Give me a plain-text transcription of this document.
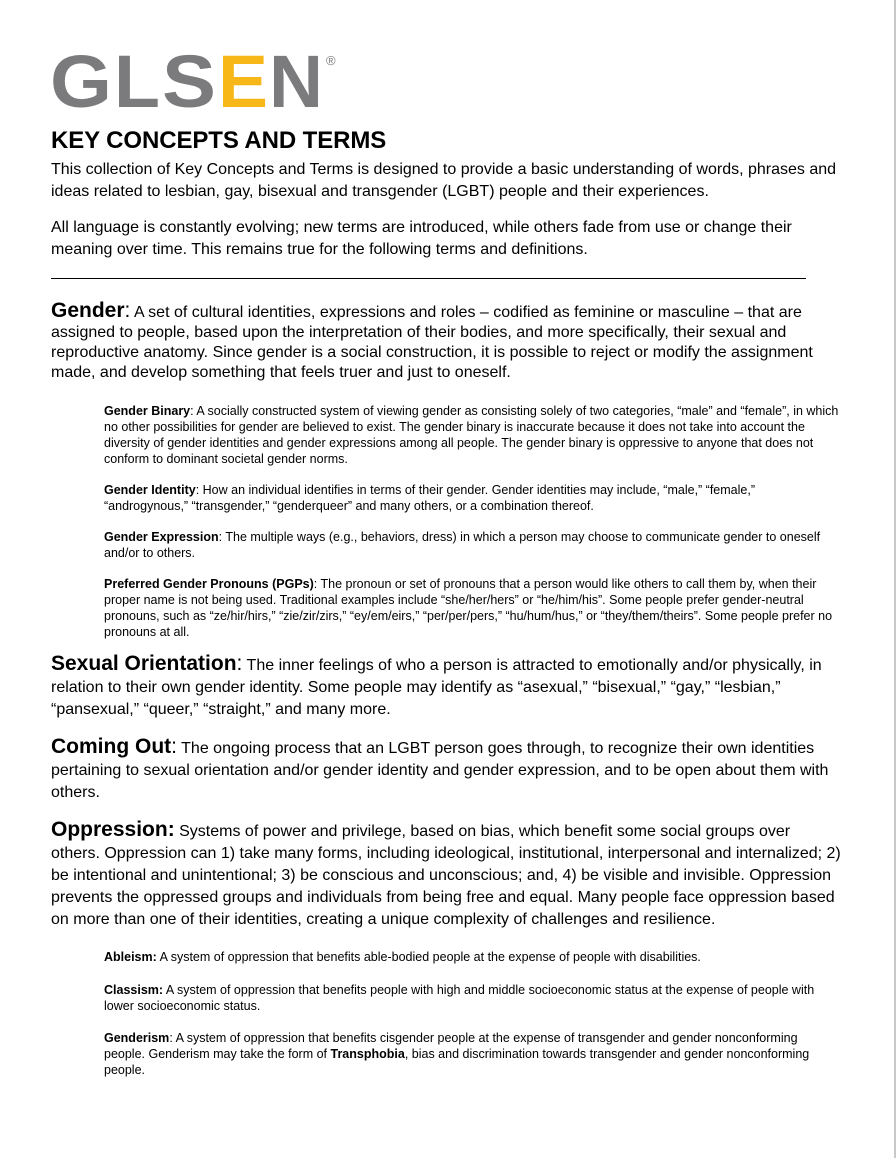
G L S E N ®
KEY CONCEPTS AND TERMS

This collection of Key Concepts and Terms is designed to provide a basic understanding of words, phrases and ideas related to lesbian, gay, bisexual and transgender (LGBT) people and their experiences.

All language is constantly evolving; new terms are introduced, while others fade from use or change their meaning over time. This remains true for the following terms and definitions.

Gender: A set of cultural identities, expressions and roles – codified as feminine or masculine – that are assigned to people, based upon the interpretation of their bodies, and more specifically, their sexual and reproductive anatomy. Since gender is a social construction, it is possible to reject or modify the assignment made, and develop something that feels truer and just to oneself.

Gender Binary: A socially constructed system of viewing gender as consisting solely of two categories, “male” and “female”, in which no other possibilities for gender are believed to exist. The gender binary is inaccurate because it does not take into account the diversity of gender identities and gender expressions among all people. The gender binary is oppressive to anyone that does not conform to dominant societal gender norms.

Gender Identity: How an individual identifies in terms of their gender. Gender identities may include, “male,” “female,” “androgynous,” “transgender,” “genderqueer” and many others, or a combination thereof.

Gender Expression: The multiple ways (e.g., behaviors, dress) in which a person may choose to communicate gender to oneself and/or to others.

Preferred Gender Pronouns (PGPs): The pronoun or set of pronouns that a person would like others to call them by, when their proper name is not being used. Traditional examples include “she/her/hers” or “he/him/his”. Some people prefer gender-neutral pronouns, such as “ze/hir/hirs,” “zie/zir/zirs,” “ey/em/eirs,” “per/per/pers,” “hu/hum/hus,” or “they/them/theirs”. Some people prefer no pronouns at all.

Sexual Orientation: The inner feelings of who a person is attracted to emotionally and/or physically, in relation to their own gender identity. Some people may identify as “asexual,” “bisexual,” “gay,” “lesbian,” “pansexual,” “queer,” “straight,” and many more.

Coming Out: The ongoing process that an LGBT person goes through, to recognize their own identities pertaining to sexual orientation and/or gender identity and gender expression, and to be open about them with others.

Oppression: Systems of power and privilege, based on bias, which benefit some social groups over others. Oppression can 1) take many forms, including ideological, institutional, interpersonal and internalized; 2) be intentional and unintentional; 3) be conscious and unconscious; and, 4) be visible and invisible. Oppression prevents the oppressed groups and individuals from being free and equal. Many people face oppression based on more than one of their identities, creating a unique complexity of challenges and resilience.

Ableism: A system of oppression that benefits able-bodied people at the expense of people with disabilities.

Classism: A system of oppression that benefits people with high and middle socioeconomic status at the expense of people with lower socioeconomic status.

Genderism: A system of oppression that benefits cisgender people at the expense of transgender and gender nonconforming people. Genderism may take the form of Transphobia, bias and discrimination towards transgender and gender nonconforming people.
